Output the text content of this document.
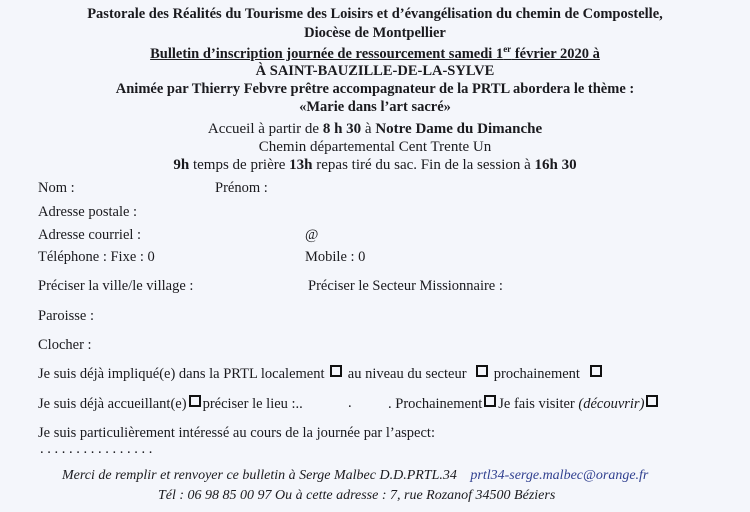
Pastorale des Réalités du Tourisme des Loisirs et d’évangélisation du chemin de Compostelle,
Diocèse de Montpellier
Bulletin d’inscription journée de ressourcement samedi 1er février 2020 à
À SAINT-BAUZILLE-DE-LA-SYLVE
Animée par Thierry Febvre prêtre accompagnateur de la PRTL abordera le thème :
«Marie dans l’art sacré»
Accueil à partir de 8 h 30 à Notre Dame du Dimanche
Chemin départemental Cent Trente Un
9h temps de prière 13h repas tiré du sac. Fin de la session à 16h 30
Nom :	Prénom :
Adresse postale :
Adresse courriel :	@
Téléphone : Fixe : 0	Mobile : 0
Préciser la ville/le village :	Préciser le Secteur Missionnaire :
Paroisse :
Clocher :
Je suis déjà impliqué(e) dans la PRTL localement au niveau du secteur prochainement
Je suis déjà accueillant(e) préciser le lieu :..	.	. Prochainement Je fais visiter (découvrir)
Je suis particulièrement intéressé au cours de la journée par l’aspect:
. . . . . . . . . . . . . . . .
Merci de remplir et renvoyer ce bulletin à Serge Malbec D.D.PRTL.34 prtl34-serge.malbec@orange.fr
Tél : 06 98 85 00 97 Ou à cette adresse : 7, rue Rozanof 34500 Béziers
